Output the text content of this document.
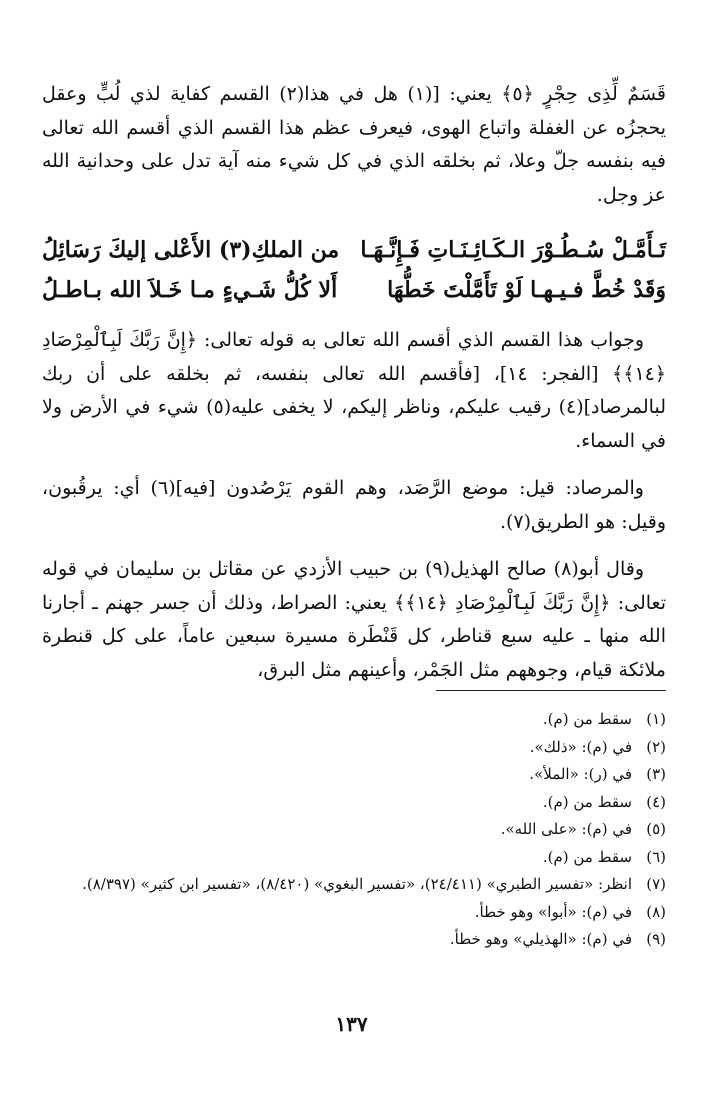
قَسَمٌ لِّذِى حِجْرٍ ﴿٥﴾ يعني: [(١) هل في هذا(٢) القسم كفاية لذي لُبٍّ وعقل يحجزُه عن الغفلة واتباع الهوى، فيعرف عظم هذا القسم الذي أقسم الله تعالى فيه بنفسه جلّ وعلا، ثم بخلقه الذي في كل شيء منه آية تدل على وحدانية الله عز وجل.

تَـأَمَّـلْ سُـطُـوْرَ الـكَـائِـنَـاتِ فَـإِنَّـهَـا
من الملكِ(٣) الأَعْلى إليكَ رَسَائِلُ
وَقَدْ خُطَّ فـيـهـا لَوْ تَأَمَّلْتَ خَطُّهَا
أَلا كُلُّ شَـيءٍ مـا خَـلاَ الله بـاطـلُ

وجواب هذا القسم الذي أقسم الله تعالى به قوله تعالى: ﴿إِنَّ رَبَّكَ لَبِٱلْمِرْصَادِ ﴿١٤﴾﴾ [الفجر: ١٤]، [فأقسم الله تعالى بنفسه، ثم بخلقه على أن ربك لبالمرصاد](٤) رقيب عليكم، وناظر إليكم، لا يخفى عليه(٥) شيء في الأرض ولا في السماء.

والمرصاد: قيل: موضع الرَّصَد، وهم القوم يَرْصُدون [فيه](٦) أي: يرقُبون، وقيل: هو الطريق(٧).

وقال أبو(٨) صالح الهذيل(٩) بن حبيب الأزدي عن مقاتل بن سليمان في قوله تعالى: ﴿إِنَّ رَبَّكَ لَبِٱلْمِرْصَادِ ﴿١٤﴾﴾ يعني: الصراط، وذلك أن جسر جهنم ـ أجارنا الله منها ـ عليه سبع قناطر، كل قَنْطَرة مسيرة سبعين عاماً، على كل قنطرة ملائكة قيام، وجوههم مثل الجَمْر، وأعينهم مثل البرق،

(١)
سقط من (م).
(٢)
في (م): «ذلك».
(٣)
في (ر): «الملأ».
(٤)
سقط من (م).
(٥)
في (م): «على الله».
(٦)
سقط من (م).
(٧)
انظر: «تفسير الطبري» (٢٤/٤١١)، «تفسير البغوي» (٨/٤٢٠)، «تفسير ابن كثير» (٨/٣٩٧).
(٨)
في (م): «أبوا» وهو خطأ.
(٩)
في (م): «الهذيلي» وهو خطأ.
١٣٧
